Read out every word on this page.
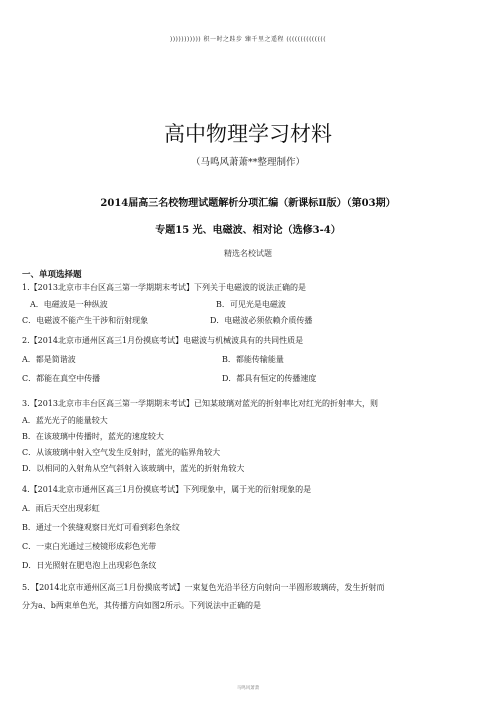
))))))))))) 积一时之跬步 臻千里之遥程 ((((((((((((((
高中物理学习材料
（马鸣风萧萧**整理制作）
2014届高三名校物理试题解析分项汇编（新课标Ⅱ版）（第03期）
专题15 光、电磁波、相对论（选修3-4）
精选名校试题
一、单项选择题
1.【2013北京市丰台区高三第一学期期末考试】下列关于电磁波的说法正确的是
A．电磁波是一种纵波	B．可见光是电磁波
C．电磁波不能产生干涉和衍射现象	D．电磁波必须依赖介质传播
2.【2014北京市通州区高三1月份摸底考试】电磁波与机械波具有的共同性质是
A．都是简谐波	B．都能传输能量
C．都能在真空中传播	D．都具有恒定的传播速度
3.【2013北京市丰台区高三第一学期期末考试】已知某玻璃对蓝光的折射率比对红光的折射率大，则
A．蓝光光子的能量较大
B．在该玻璃中传播时，蓝光的速度较大
C．从该玻璃中射入空气发生反射时，蓝光的临界角较大
D．以相同的入射角从空气斜射入该玻璃中，蓝光的折射角较大
4.【2014北京市通州区高三1月份摸底考试】下列现象中，属于光的衍射现象的是
A．雨后天空出现彩虹
B．通过一个狭缝观察日光灯可看到彩色条纹
C．一束白光通过三棱镜形成彩色光带
D．日光照射在肥皂泡上出现彩色条纹
5．【2014北京市通州区高三1月份摸底考试】一束复色光沿半径方向射向一半圆形玻璃砖，发生折射而
分为a、b两束单色光，其传播方向如图2所示。下列说法中正确的是
马鸣风萧萧
